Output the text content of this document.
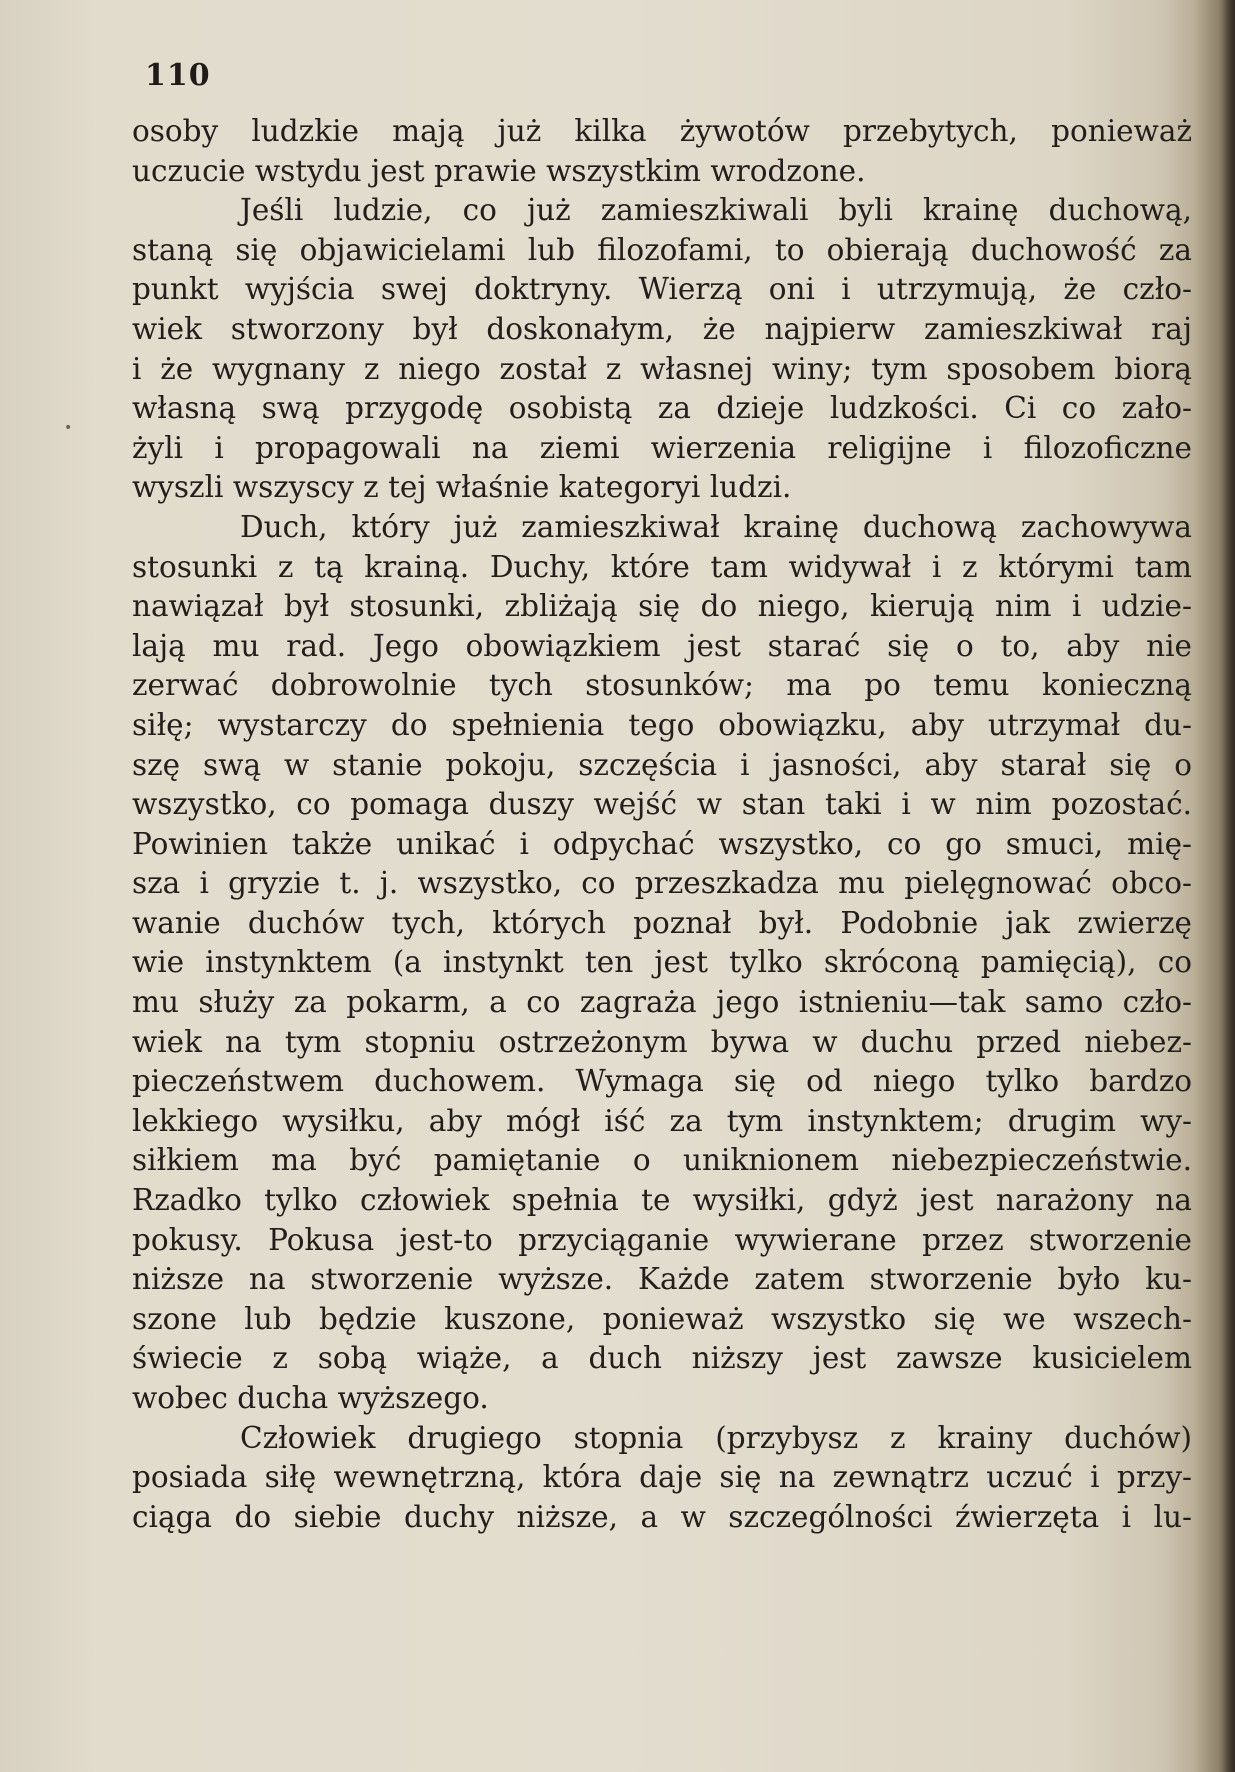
110
•
osoby ludzkie mają już kilka żywotów przebytych, ponieważ
uczucie wstydu jest prawie wszystkim wrodzone.
Jeśli ludzie, co już zamieszkiwali byli krainę duchową,
staną się objawicielami lub filozofami, to obierają duchowość za
punkt wyjścia swej doktryny. Wierzą oni i utrzymują, że czło-
wiek stworzony był doskonałym, że najpierw zamieszkiwał raj
i że wygnany z niego został z własnej winy; tym sposobem biorą
własną swą przygodę osobistą za dzieje ludzkości. Ci co zało-
żyli i propagowali na ziemi wierzenia religijne i filozoficzne
wyszli wszyscy z tej właśnie kategoryi ludzi.
Duch, który już zamieszkiwał krainę duchową zachowywa
stosunki z tą krainą. Duchy, które tam widywał i z którymi tam
nawiązał był stosunki, zbliżają się do niego, kierują nim i udzie-
lają mu rad. Jego obowiązkiem jest starać się o to, aby nie
zerwać dobrowolnie tych stosunków; ma po temu konieczną
siłę; wystarczy do spełnienia tego obowiązku, aby utrzymał du-
szę swą w stanie pokoju, szczęścia i jasności, aby starał się o
wszystko, co pomaga duszy wejść w stan taki i w nim pozostać.
Powinien także unikać i odpychać wszystko, co go smuci, mię-
sza i gryzie t. j. wszystko, co przeszkadza mu pielęgnować obco-
wanie duchów tych, których poznał był. Podobnie jak zwierzę
wie instynktem (a instynkt ten jest tylko skróconą pamięcią), co
mu służy za pokarm, a co zagraża jego istnieniu—tak samo czło-
wiek na tym stopniu ostrzeżonym bywa w duchu przed niebez-
pieczeństwem duchowem. Wymaga się od niego tylko bardzo
lekkiego wysiłku, aby mógł iść za tym instynktem; drugim wy-
siłkiem ma być pamiętanie o uniknionem niebezpieczeństwie.
Rzadko tylko człowiek spełnia te wysiłki, gdyż jest narażony na
pokusy. Pokusa jest-to przyciąganie wywierane przez stworzenie
niższe na stworzenie wyższe. Każde zatem stworzenie było ku-
szone lub będzie kuszone, ponieważ wszystko się we wszech-
świecie z sobą wiąże, a duch niższy jest zawsze kusicielem
wobec ducha wyższego.
Człowiek drugiego stopnia (przybysz z krainy duchów)
posiada siłę wewnętrzną, która daje się na zewnątrz uczuć i przy-
ciąga do siebie duchy niższe, a w szczególności źwierzęta i lu-
